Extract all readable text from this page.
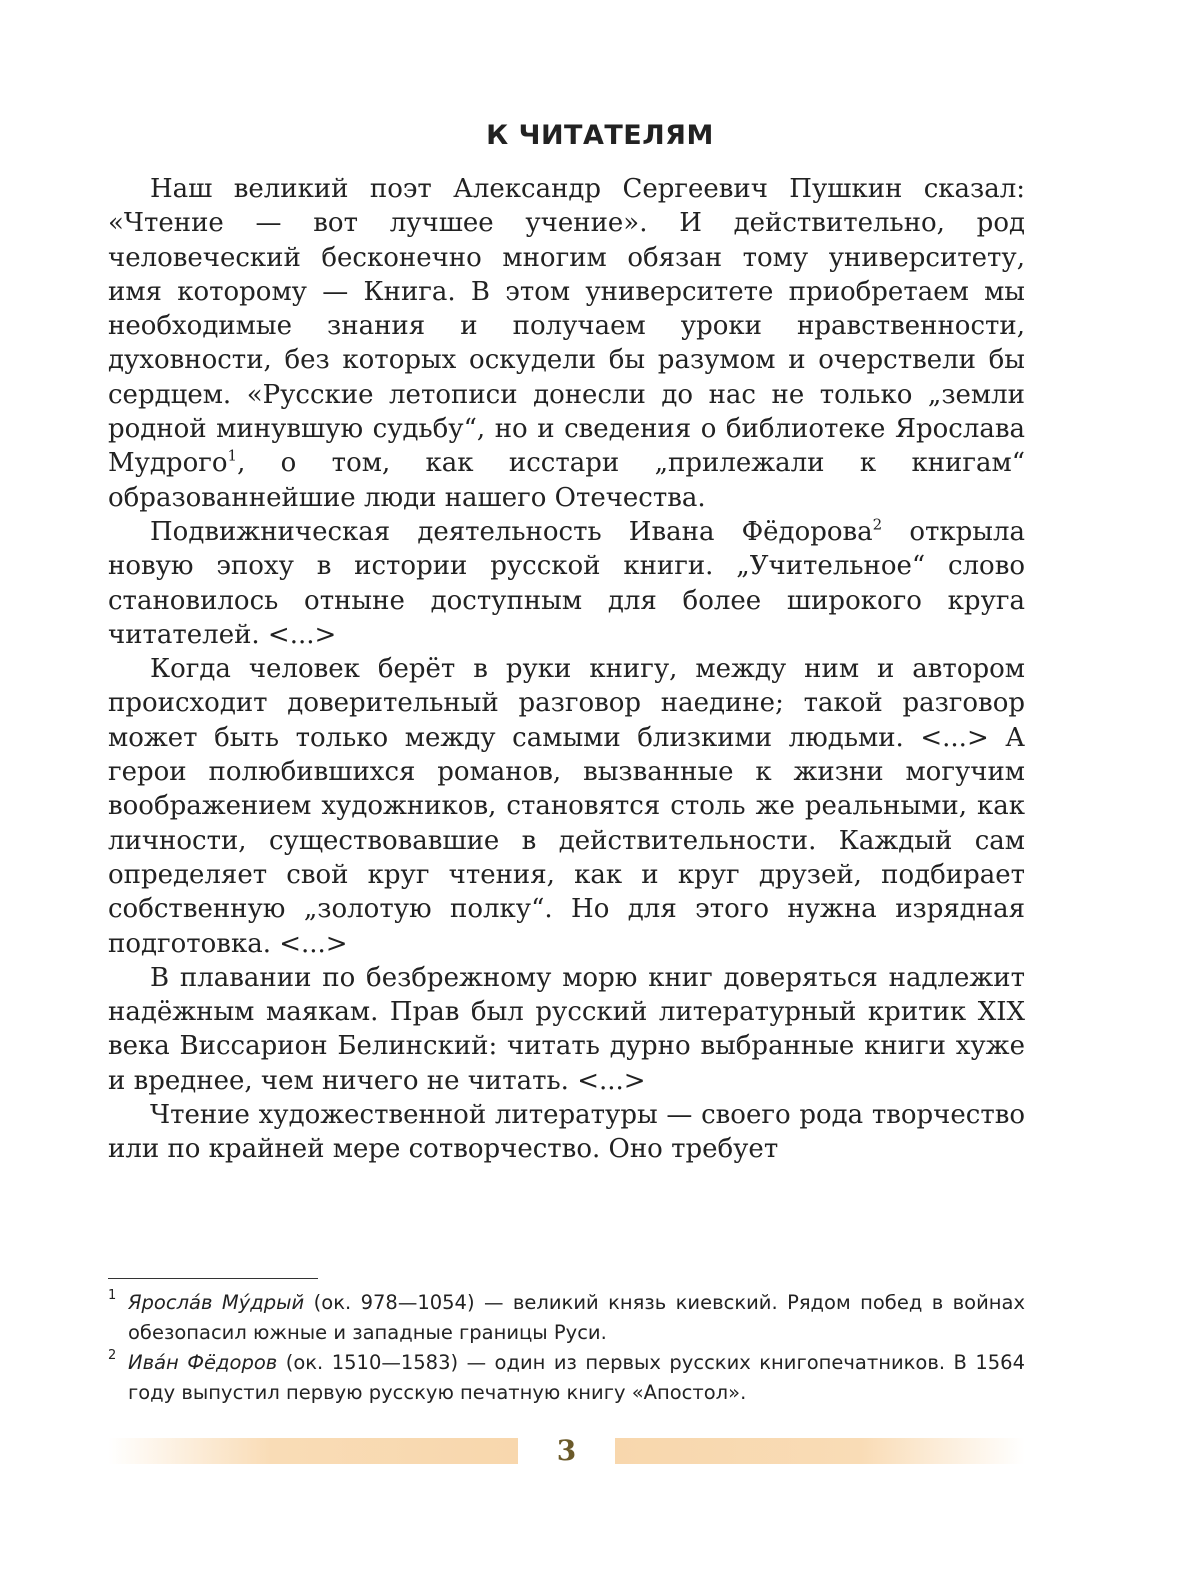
К ЧИТАТЕЛЯМ

Наш великий поэт Александр Сергеевич Пушкин сказал: «Чтение — вот лучшее учение». И действительно, род человеческий бесконечно многим обязан тому университету, имя которому — Книга. В этом университете приобретаем мы необходимые знания и получаем уроки нравственности, духовности, без которых оскудели бы разумом и очерствели бы сердцем. «Русские летописи донесли до нас не только „земли родной минувшую судьбу“, но и сведения о библиотеке Ярослава Мудрого$^1$, о том, как исстари „прилежали к книгам“ образованнейшие люди нашего Отечества.

Подвижническая деятельность Ивана Фёдорова$^2$ открыла новую эпоху в истории русской книги. „Учительное“ слово становилось отныне доступным для более широкого круга читателей. <...>

Когда человек берёт в руки книгу, между ним и автором происходит доверительный разговор наедине; такой разговор может быть только между самыми близкими людьми. <...> А герои полюбившихся романов, вызванные к жизни могучим воображением художников, становятся столь же реальными, как личности, существовавшие в действительности. Каждый сам определяет свой круг чтения, как и круг друзей, подбирает собственную „золотую полку“. Но для этого нужна изрядная подготовка. <...>

В плавании по безбрежному морю книг доверяться надлежит надёжным маякам. Прав был русский литературный критик XIX века Виссарион Белинский: читать дурно выбранные книги хуже и вреднее, чем ничего не читать. <...>

Чтение художественной литературы — своего рода творчество или по крайней мере сотворчество. Оно требует

1 Яросла́в Му́дрый (ок. 978—1054) — великий князь киевский. Рядом побед в войнах обезопасил южные и западные границы Руси.

2 Ива́н Фёдоров (ок. 1510—1583) — один из первых русских книгопечатников. В 1564 году выпустил первую русскую печатную книгу «Апостол».

3
